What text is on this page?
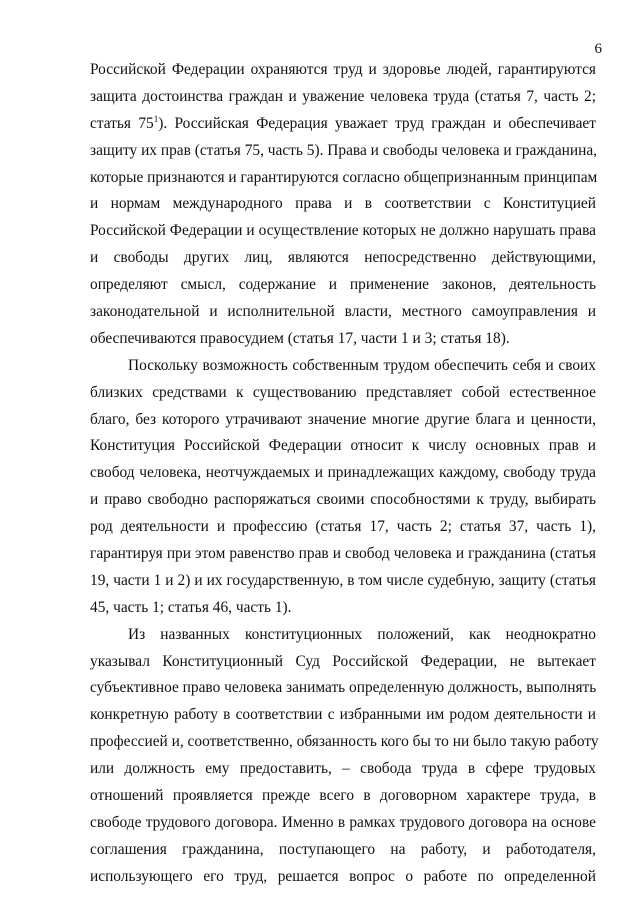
6
Российской Федерации охраняются труд и здоровье людей, гарантируются
защита достоинства граждан и уважение человека труда (статья 7, часть 2;
статья $75^1$). Российская Федерация уважает труд граждан и обеспечивает
защиту их прав (статья 75, часть 5). Права и свободы человека и гражданина,
которые признаются и гарантируются согласно общепризнанным принципам
и нормам международного права и в соответствии с Конституцией
Российской Федерации и осуществление которых не должно нарушать права
и свободы других лиц, являются непосредственно действующими,
определяют смысл, содержание и применение законов, деятельность
законодательной и исполнительной власти, местного самоуправления и
обеспечиваются правосудием (статья 17, части 1 и 3; статья 18).
Поскольку возможность собственным трудом обеспечить себя и своих
близких средствами к существованию представляет собой естественное
благо, без которого утрачивают значение многие другие блага и ценности,
Конституция Российской Федерации относит к числу основных прав и
свобод человека, неотчуждаемых и принадлежащих каждому, свободу труда
и право свободно распоряжаться своими способностями к труду, выбирать
род деятельности и профессию (статья 17, часть 2; статья 37, часть 1),
гарантируя при этом равенство прав и свобод человека и гражданина (статья
19, части 1 и 2) и их государственную, в том числе судебную, защиту (статья
45, часть 1; статья 46, часть 1).
Из названных конституционных положений, как неоднократно
указывал Конституционный Суд Российской Федерации, не вытекает
субъективное право человека занимать определенную должность, выполнять
конкретную работу в соответствии с избранными им родом деятельности и
профессией и, соответственно, обязанность кого бы то ни было такую работу
или должность ему предоставить, – свобода труда в сфере трудовых
отношений проявляется прежде всего в договорном характере труда, в
свободе трудового договора. Именно в рамках трудового договора на основе
соглашения гражданина, поступающего на работу, и работодателя,
использующего его труд, решается вопрос о работе по определенной
